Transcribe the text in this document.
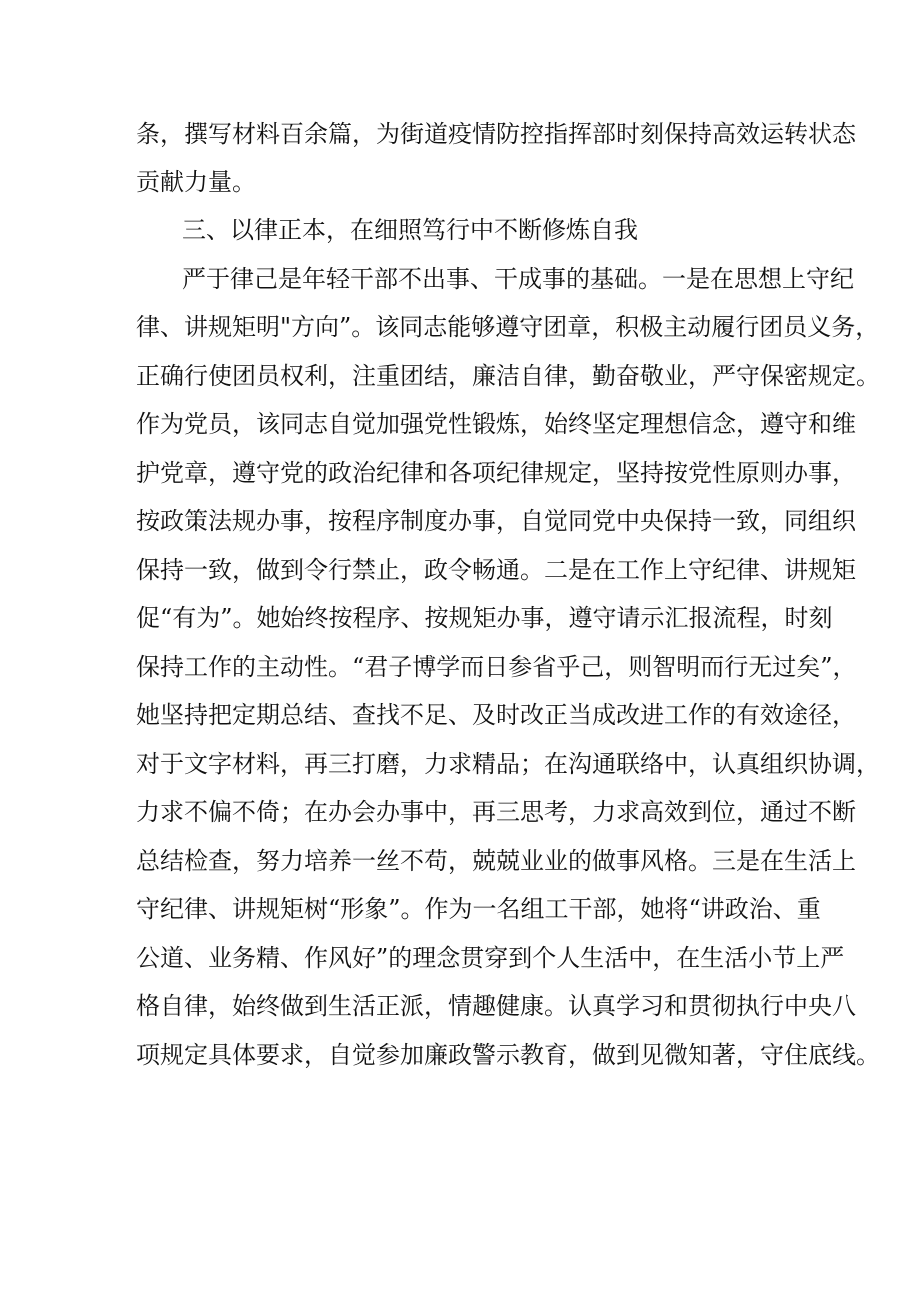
条，撰写材料百余篇，为街道疫情防控指挥部时刻保持高效运转状态
贡献力量。
三、以律正本，在细照笃行中不断修炼自我
严于律己是年轻干部不出事、干成事的基础。一是在思想上守纪
律、讲规矩明"方向”。该同志能够遵守团章，积极主动履行团员义务，
正确行使团员权利，注重团结，廉洁自律，勤奋敬业，严守保密规定。
作为党员，该同志自觉加强党性锻炼，始终坚定理想信念，遵守和维
护党章，遵守党的政治纪律和各项纪律规定，坚持按党性原则办事，
按政策法规办事，按程序制度办事，自觉同党中央保持一致，同组织
保持一致，做到令行禁止，政令畅通。二是在工作上守纪律、讲规矩
促“有为”。她始终按程序、按规矩办事，遵守请示汇报流程，时刻
保持工作的主动性。“君子博学而日参省乎己，则智明而行无过矣”，
她坚持把定期总结、查找不足、及时改正当成改进工作的有效途径，
对于文字材料，再三打磨，力求精品；在沟通联络中，认真组织协调，
力求不偏不倚；在办会办事中，再三思考，力求高效到位，通过不断
总结检查，努力培养一丝不苟，兢兢业业的做事风格。三是在生活上
守纪律、讲规矩树“形象”。作为一名组工干部，她将“讲政治、重
公道、业务精、作风好”的理念贯穿到个人生活中，在生活小节上严
格自律，始终做到生活正派，情趣健康。认真学习和贯彻执行中央八
项规定具体要求，自觉参加廉政警示教育，做到见微知著，守住底线。
